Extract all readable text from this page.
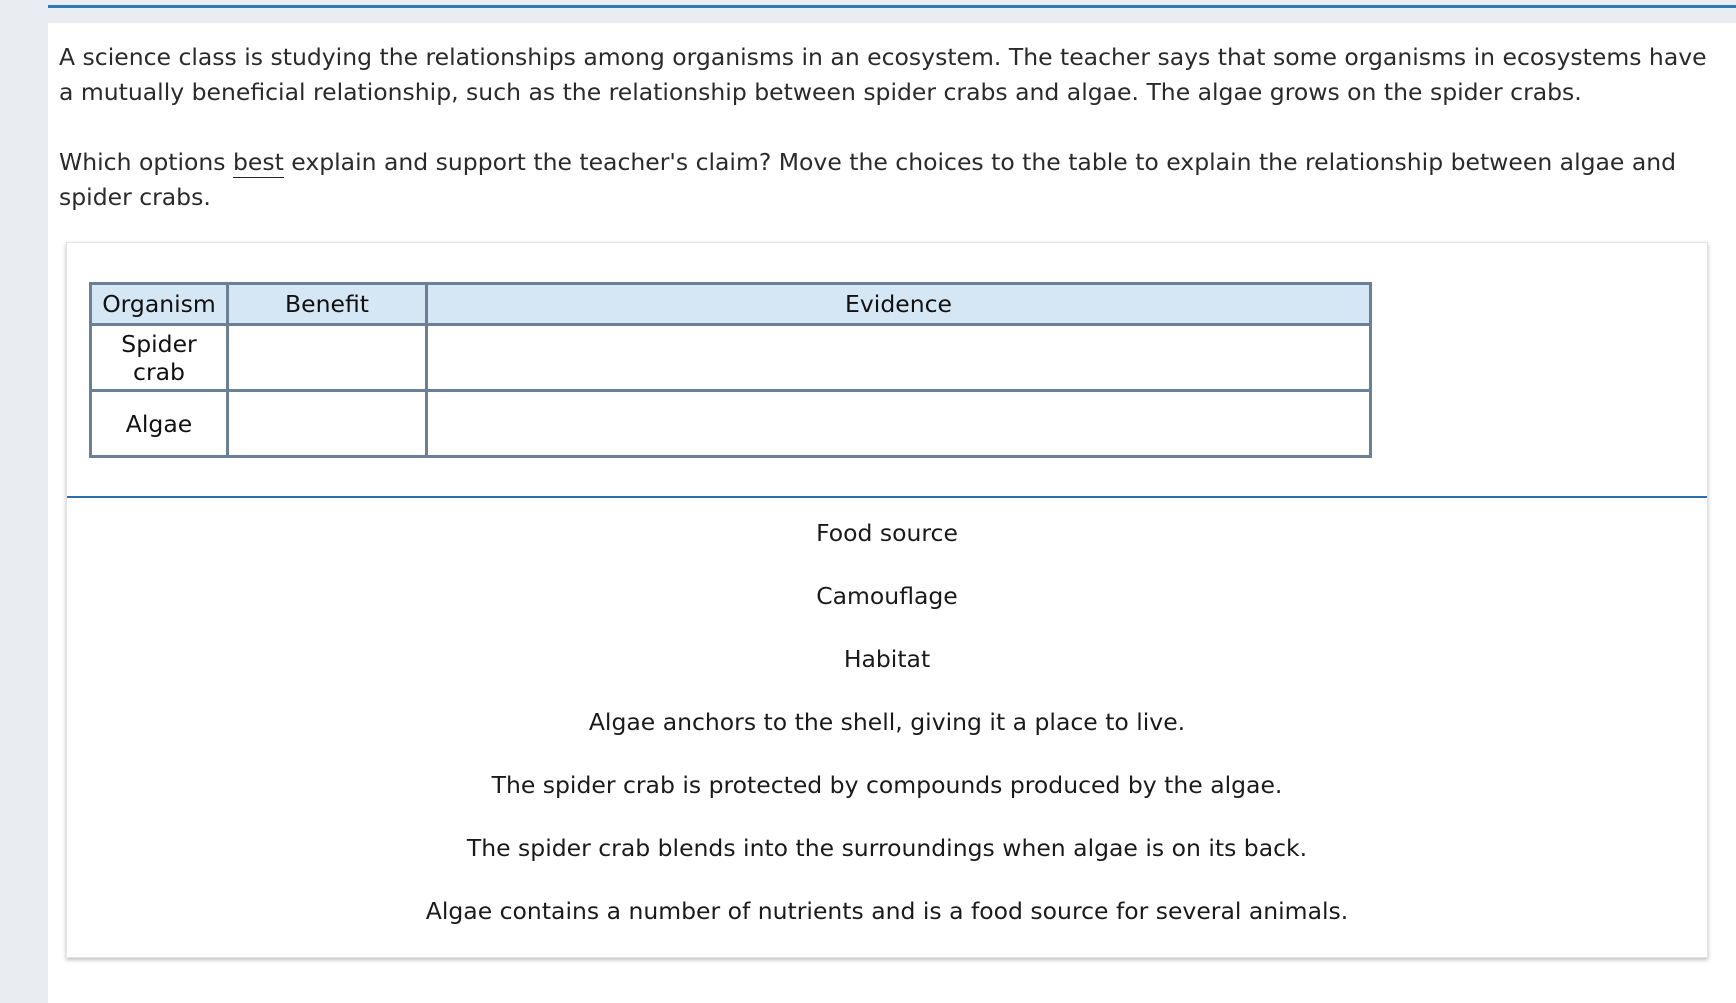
A science class is studying the relationships among organisms in an ecosystem. The teacher says that some organisms in ecosystems have a mutually beneficial relationship, such as the relationship between spider crabs and algae. The algae grows on the spider crabs.

Which options best explain and support the teacher's claim? Move the choices to the table to explain the relationship between algae and spider crabs.

Organism	Benefit	Evidence
Spider crab		
Algae		
Food source
Camouflage
Habitat
Algae anchors to the shell, giving it a place to live.
The spider crab is protected by compounds produced by the algae.
The spider crab blends into the surroundings when algae is on its back.
Algae contains a number of nutrients and is a food source for several animals.
